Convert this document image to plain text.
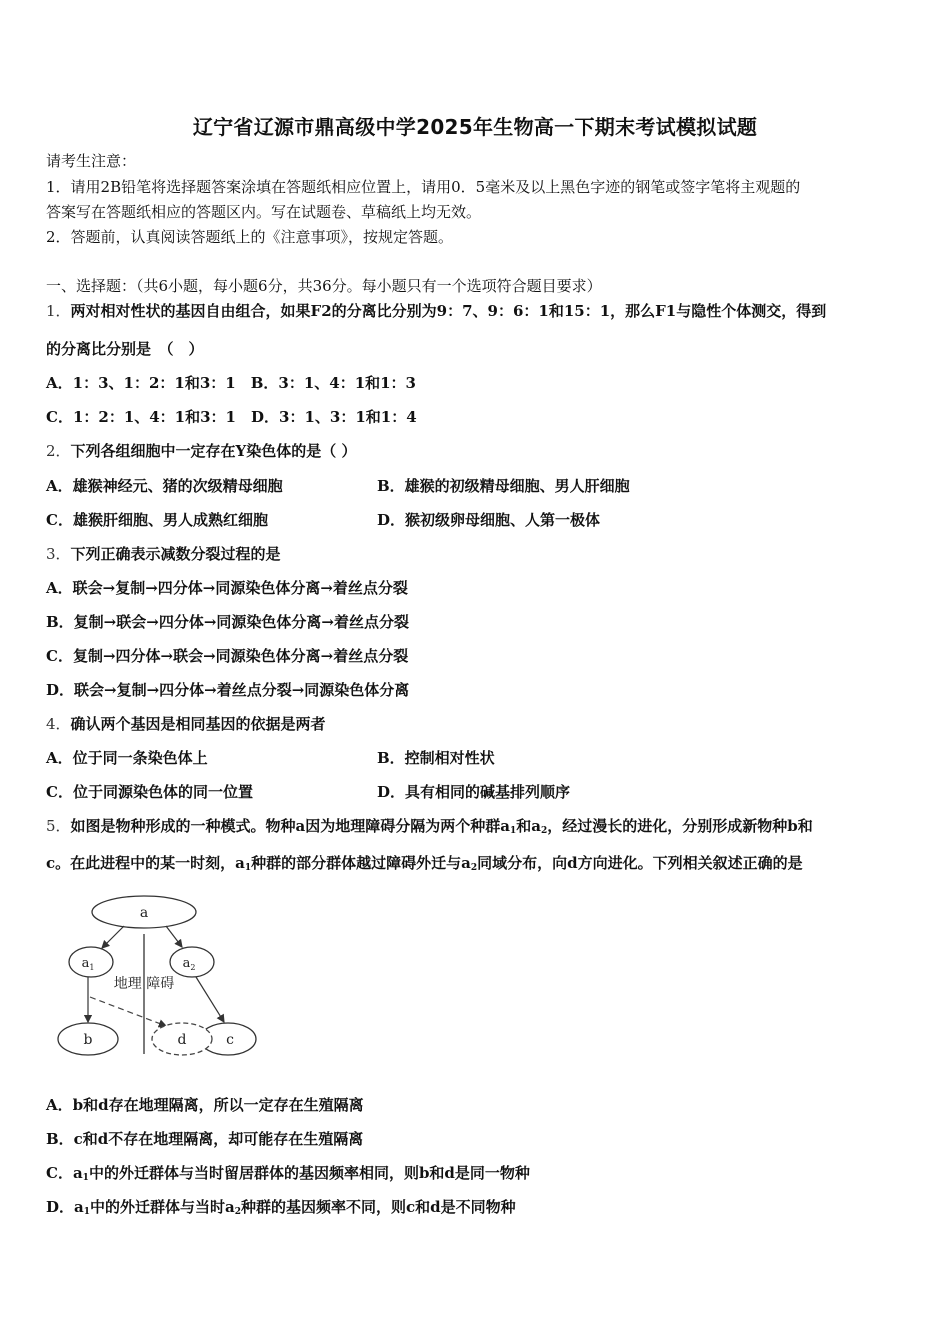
辽宁省辽源市鼎高级中学2025年生物高一下期末考试模拟试题
请考生注意：
1．请用2B铅笔将选择题答案涂填在答题纸相应位置上，请用0．5毫米及以上黑色字迹的钢笔或签字笔将主观题的
答案写在答题纸相应的答题区内。写在试题卷、草稿纸上均无效。
2．答题前，认真阅读答题纸上的《注意事项》，按规定答题。
一、选择题：（共6小题，每小题6分，共36分。每小题只有一个选项符合题目要求）
1．两对相对性状的基因自由组合，如果F2的分离比分别为9：7、9：6：1和15：1，那么F1与隐性个体测交，得到
的分离比分别是　（　）
A．1：3、1：2：1和3：1　B．3：1、4：1和1：3
C．1：2：1、4：1和3：1　D．3：1、3：1和1：4
2．下列各组细胞中一定存在Y染色体的是（ ）
A．雄猴神经元、猪的次级精母细胞	B．雄猴的初级精母细胞、男人肝细胞
C．雄猴肝细胞、男人成熟红细胞	D．猴初级卵母细胞、人第一极体
3．下列正确表示减数分裂过程的是
A．联会→复制→四分体→同源染色体分离→着丝点分裂
B．复制→联会→四分体→同源染色体分离→着丝点分裂
C．复制→四分体→联会→同源染色体分离→着丝点分裂
D．联会→复制→四分体→着丝点分裂→同源染色体分离
4．确认两个基因是相同基因的依据是两者
A．位于同一条染色体上	B．控制相对性状
C．位于同源染色体的同一位置	D．具有相同的碱基排列顺序
5．如图是物种形成的一种模式。物种a因为地理障碍分隔为两个种群$a_1$和$a_2$，经过漫长的进化，分别形成新物种b和
c。在此进程中的某一时刻，$a_1$种群的部分群体越过障碍外迁与$a_2$同域分布，向d方向进化。下列相关叙述正确的是
a
$a_1$	$a_2$
地理 障碍
b	c
d
A．b和d存在地理隔离，所以一定存在生殖隔离
B．c和d不存在地理隔离，却可能存在生殖隔离
C．$a_1$中的外迁群体与当时留居群体的基因频率相同，则b和d是同一物种
D．$a_1$中的外迁群体与当时$a_2$种群的基因频率不同，则c和d是不同物种
